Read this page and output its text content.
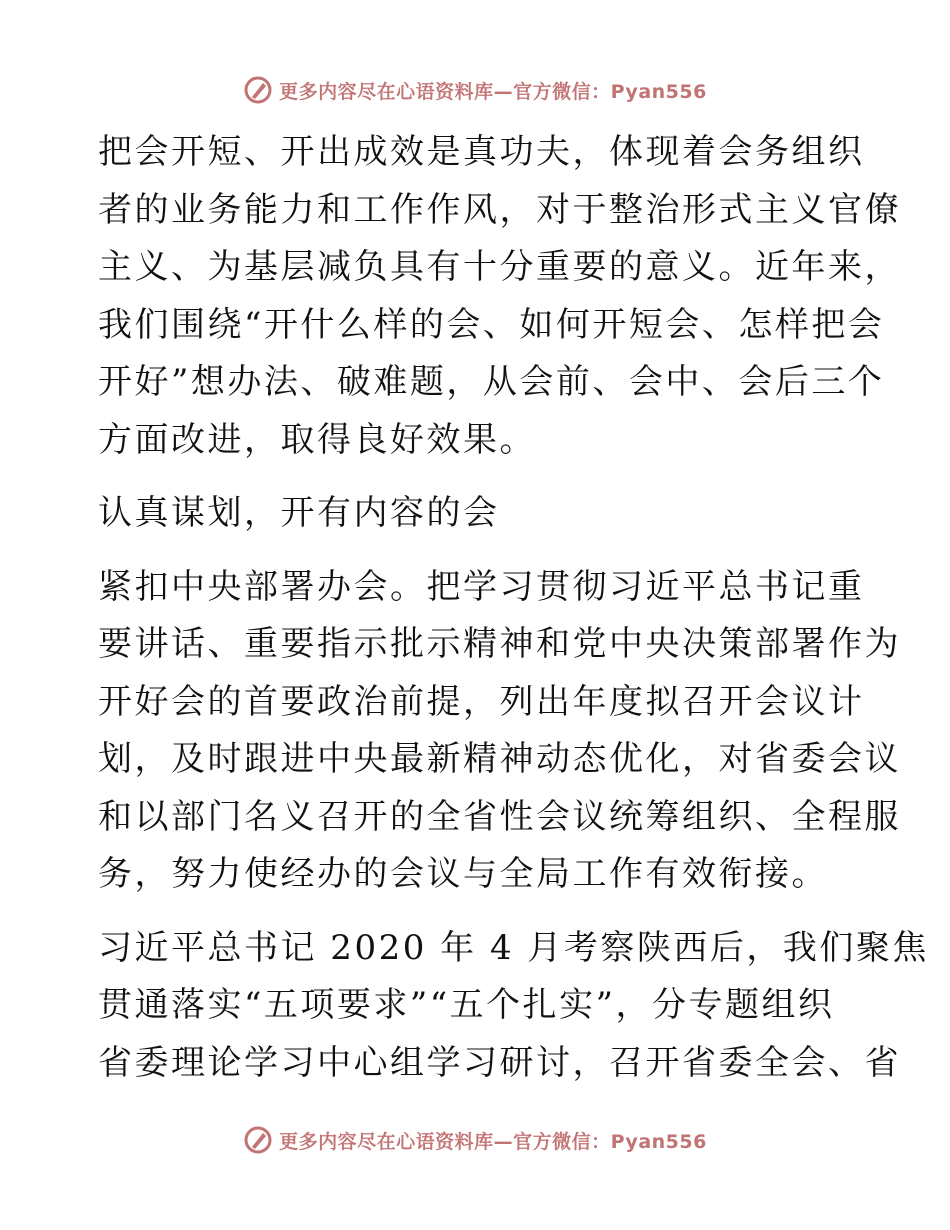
更多内容尽在心语资料库—官方微信：Pyan556

把会开短、开出成效是真功夫，体现着会务组织
者的业务能力和工作作风，对于整治形式主义官僚
主义、为基层减负具有十分重要的意义。近年来，
我们围绕“开什么样的会、如何开短会、怎样把会
开好”想办法、破难题，从会前、会中、会后三个
方面改进，取得良好效果。

认真谋划，开有内容的会

紧扣中央部署办会。把学习贯彻习近平总书记重
要讲话、重要指示批示精神和党中央决策部署作为
开好会的首要政治前提，列出年度拟召开会议计
划，及时跟进中央最新精神动态优化，对省委会议
和以部门名义召开的全省性会议统筹组织、全程服
务，努力使经办的会议与全局工作有效衔接。

习近平总书记 2020 年 4 月考察陕西后，我们聚焦
贯通落实“五项要求”“五个扎实”，分专题组织
省委理论学习中心组学习研讨，召开省委全会、省

更多内容尽在心语资料库—官方微信：Pyan556
